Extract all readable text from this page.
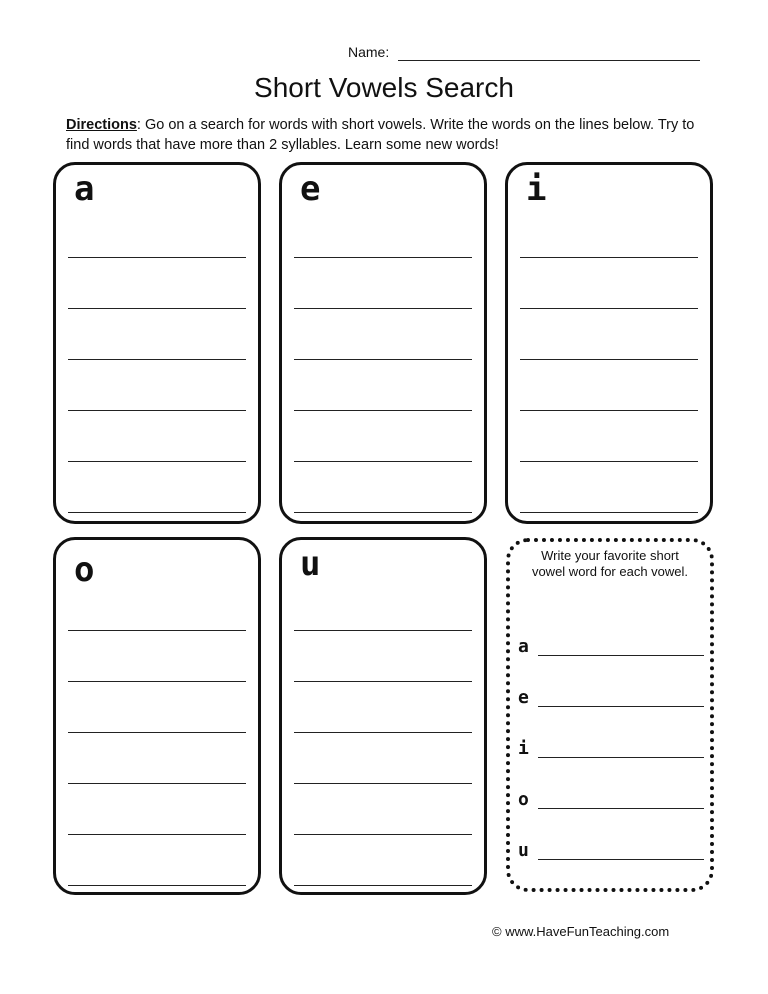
Name:
Short Vowels Search
Directions: Go on a search for words with short vowels. Write the words on the lines below. Try to find words that have more than 2 syllables. Learn some new words!
a	e	i
o	u	Write your favorite short
vowel word for each vowel.
a
e
i
o
u
© www.HaveFunTeaching.com
